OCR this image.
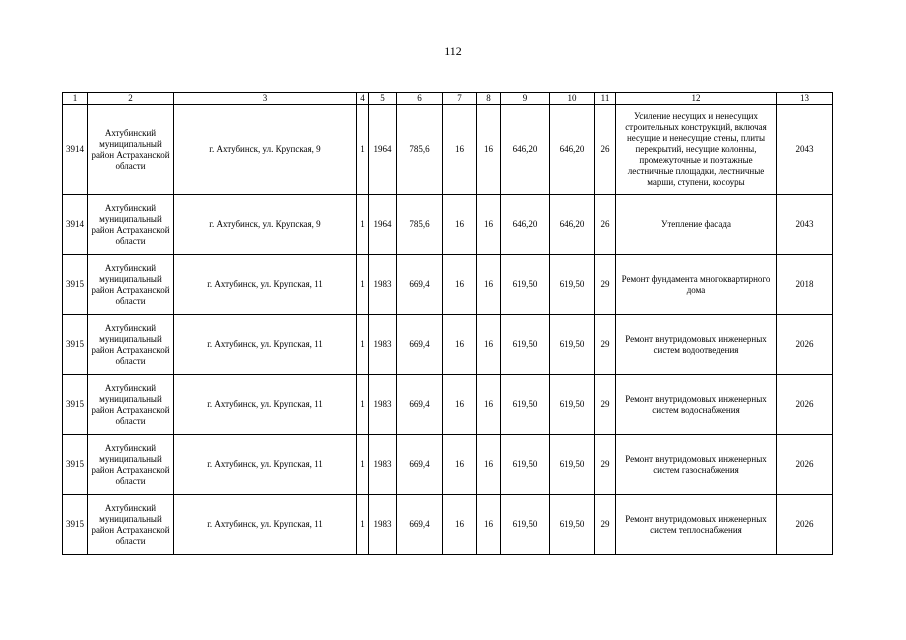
112
1	2	3	4	5	6	7	8	9	10	11	12	13
3914	Ахтубинский муниципальный район Астраханской области	г. Ахтубинск, ул. Крупская, 9	1	1964	785,6	16	16	646,20	646,20	26	Усиление несущих и ненесущих строительных конструкций, включая несущие и ненесущие стены, плиты перекрытий, несущие колонны, промежуточные и поэтажные лестничные площадки, лестничные марши, ступени, косоуры	2043
3914	Ахтубинский муниципальный район Астраханской области	г. Ахтубинск, ул. Крупская, 9	1	1964	785,6	16	16	646,20	646,20	26	Утепление фасада	2043
3915	Ахтубинский муниципальный район Астраханской области	г. Ахтубинск, ул. Крупская, 11	1	1983	669,4	16	16	619,50	619,50	29	Ремонт фундамента многоквартирного дома	2018
3915	Ахтубинский муниципальный район Астраханской области	г. Ахтубинск, ул. Крупская, 11	1	1983	669,4	16	16	619,50	619,50	29	Ремонт внутридомовых инженерных систем водоотведения	2026
3915	Ахтубинский муниципальный район Астраханской области	г. Ахтубинск, ул. Крупская, 11	1	1983	669,4	16	16	619,50	619,50	29	Ремонт внутридомовых инженерных систем водоснабжения	2026
3915	Ахтубинский муниципальный район Астраханской области	г. Ахтубинск, ул. Крупская, 11	1	1983	669,4	16	16	619,50	619,50	29	Ремонт внутридомовых инженерных систем газоснабжения	2026
3915	Ахтубинский муниципальный район Астраханской области	г. Ахтубинск, ул. Крупская, 11	1	1983	669,4	16	16	619,50	619,50	29	Ремонт внутридомовых инженерных систем теплоснабжения	2026
